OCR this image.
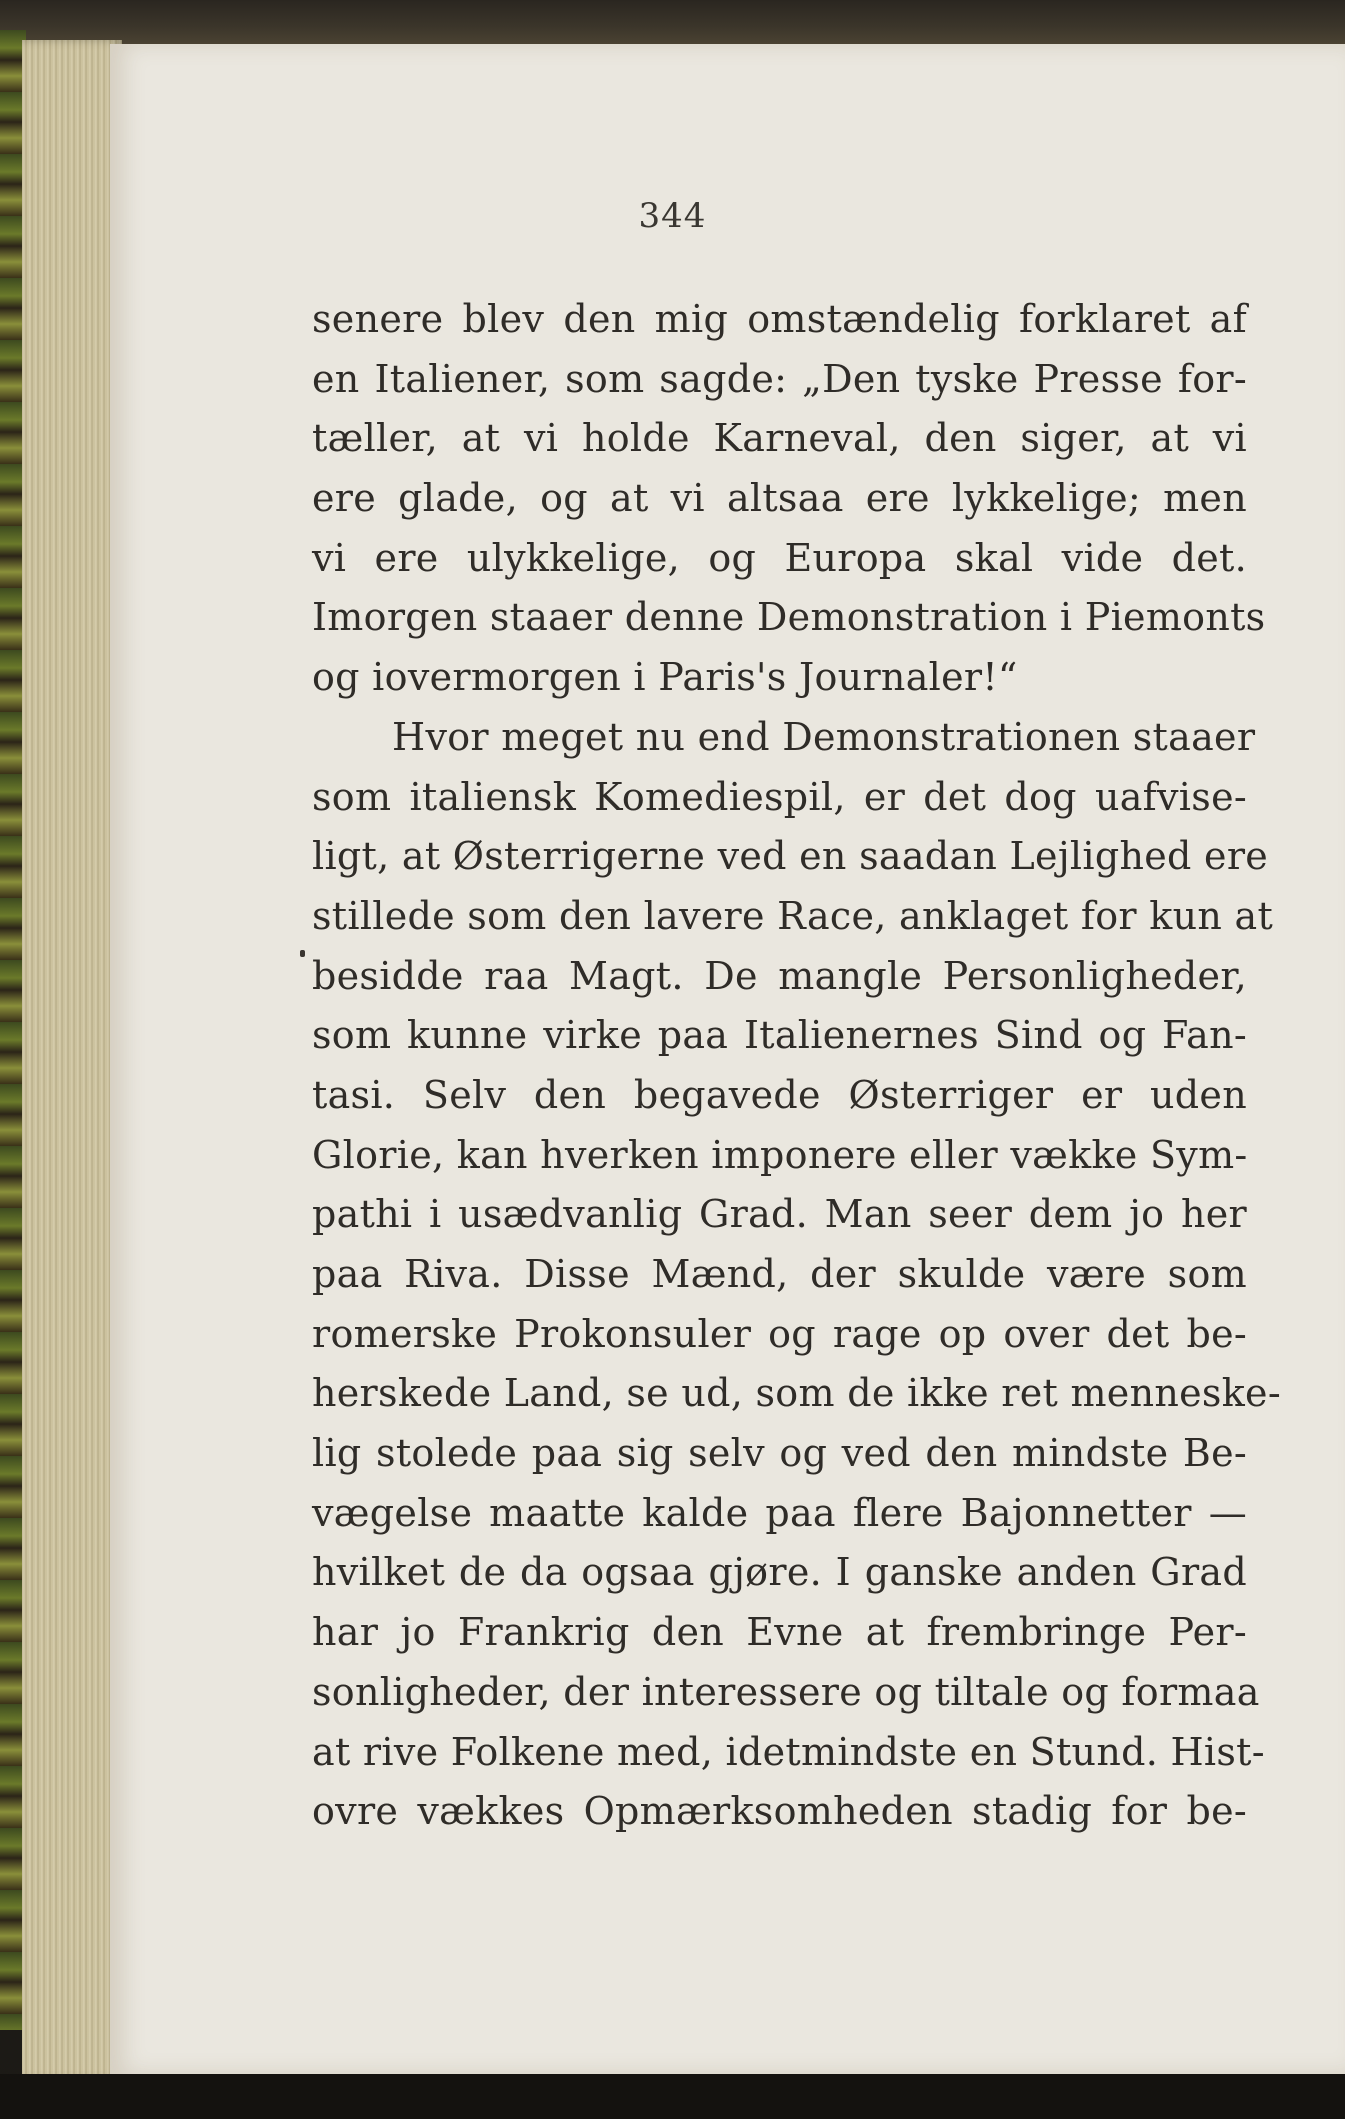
344
senere blev den mig omstændelig forklaret af
en Italiener, som sagde: „Den tyske Presse for-
tæller, at vi holde Karneval, den siger, at vi
ere glade, og at vi altsaa ere lykkelige; men
vi ere ulykkelige, og Europa skal vide det.
Imorgen staaer denne Demonstration i Piemonts
og iovermorgen i Paris's Journaler!“
Hvor meget nu end Demonstrationen staaer
som italiensk Komediespil, er det dog uafvise-
ligt, at Østerrigerne ved en saadan Lejlighed ere
stillede som den lavere Race, anklaget for kun at
besidde raa Magt. De mangle Personligheder,
som kunne virke paa Italienernes Sind og Fan-
tasi. Selv den begavede Østerriger er uden
Glorie, kan hverken imponere eller vække Sym-
pathi i usædvanlig Grad. Man seer dem jo her
paa Riva. Disse Mænd, der skulde være som
romerske Prokonsuler og rage op over det be-
herskede Land, se ud, som de ikke ret menneske-
lig stolede paa sig selv og ved den mindste Be-
vægelse maatte kalde paa flere Bajonnetter —
hvilket de da ogsaa gjøre. I ganske anden Grad
har jo Frankrig den Evne at frembringe Per-
sonligheder, der interessere og tiltale og formaa
at rive Folkene med, idetmindste en Stund. Hist-
ovre vækkes Opmærksomheden stadig for be-
